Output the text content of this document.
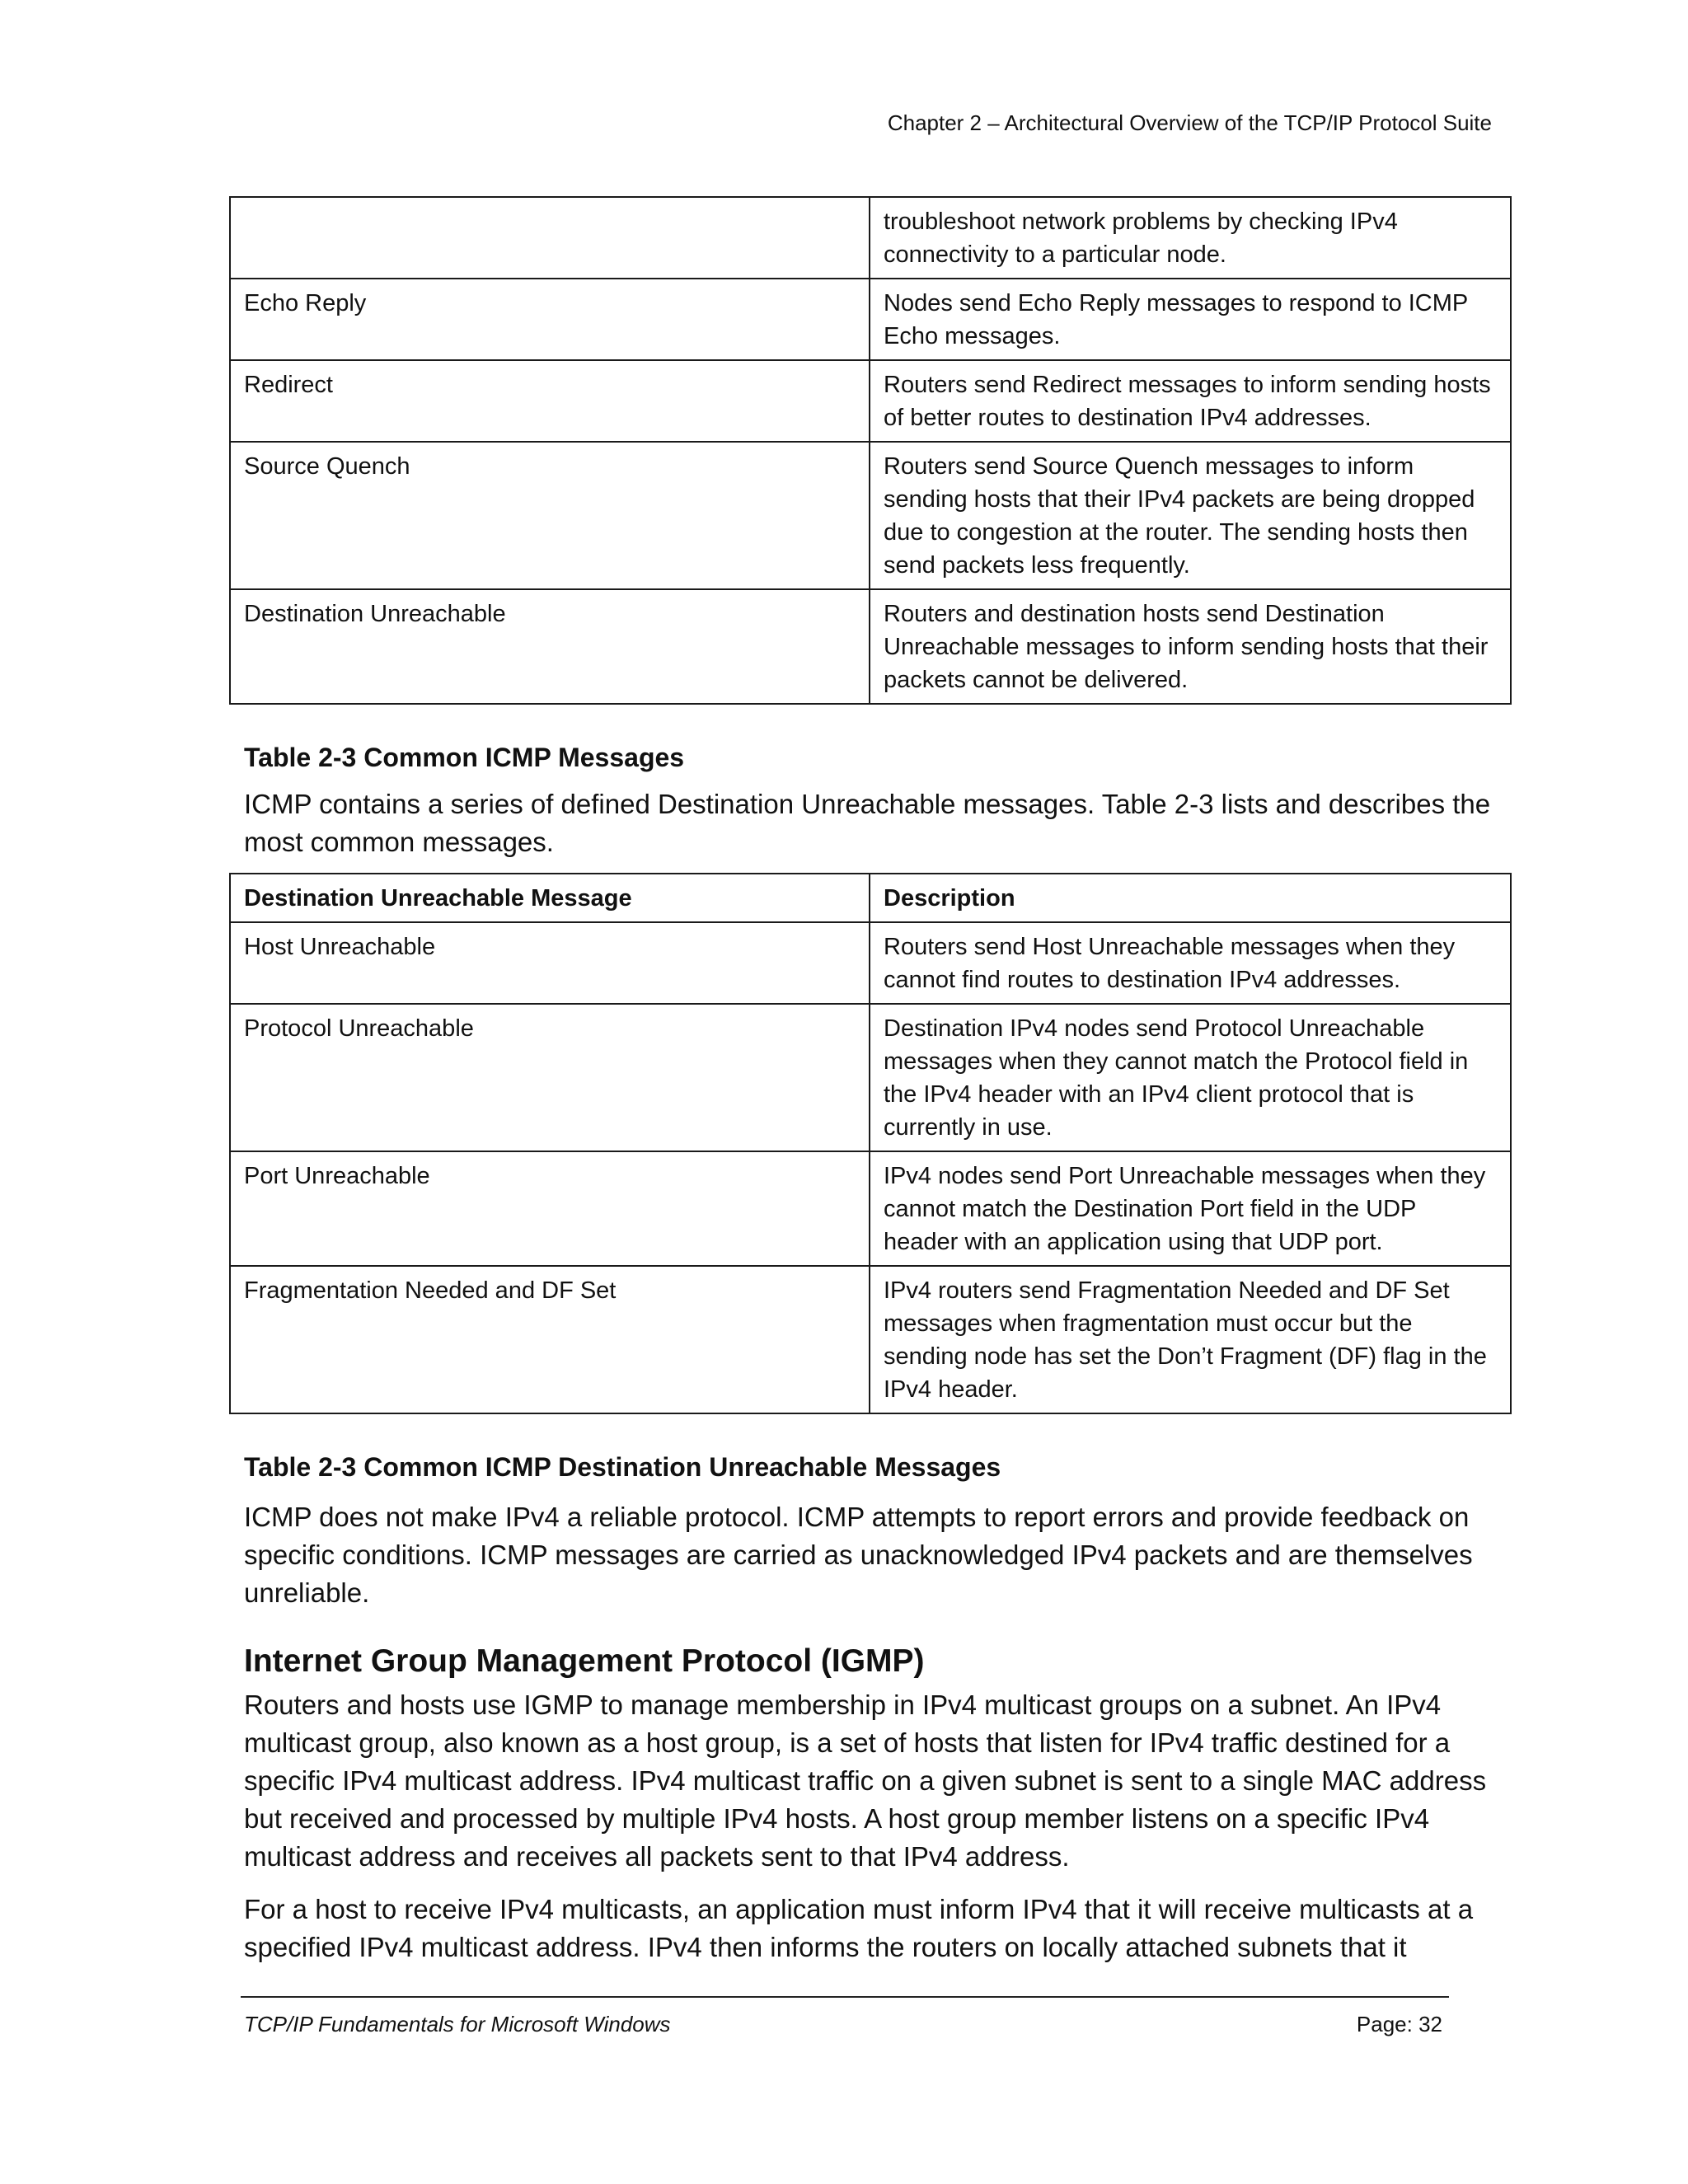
Chapter 2 – Architectural Overview of the TCP/IP Protocol Suite
	troubleshoot network problems by checking IPv4 connectivity to a particular node.
Echo Reply	Nodes send Echo Reply messages to respond to ICMP Echo messages.
Redirect	Routers send Redirect messages to inform sending hosts of better routes to destination IPv4 addresses.
Source Quench	Routers send Source Quench messages to inform sending hosts that their IPv4 packets are being dropped due to congestion at the router. The sending hosts then send packets less frequently.
Destination Unreachable	Routers and destination hosts send Destination Unreachable messages to inform sending hosts that their packets cannot be delivered.
Table 2-3 Common ICMP Messages
ICMP contains a series of defined Destination Unreachable messages. Table 2-3 lists and describes the most common messages.
Destination Unreachable Message	Description
Host Unreachable	Routers send Host Unreachable messages when they cannot find routes to destination IPv4 addresses.
Protocol Unreachable	Destination IPv4 nodes send Protocol Unreachable messages when they cannot match the Protocol field in the IPv4 header with an IPv4 client protocol that is currently in use.
Port Unreachable	IPv4 nodes send Port Unreachable messages when they cannot match the Destination Port field in the UDP header with an application using that UDP port.
Fragmentation Needed and DF Set	IPv4 routers send Fragmentation Needed and DF Set messages when fragmentation must occur but the sending node has set the Don’t Fragment (DF) flag in the IPv4 header.
Table 2-3 Common ICMP Destination Unreachable Messages
ICMP does not make IPv4 a reliable protocol. ICMP attempts to report errors and provide feedback on specific conditions. ICMP messages are carried as unacknowledged IPv4 packets and are themselves unreliable.
Internet Group Management Protocol (IGMP)
Routers and hosts use IGMP to manage membership in IPv4 multicast groups on a subnet. An IPv4 multicast group, also known as a host group, is a set of hosts that listen for IPv4 traffic destined for a specific IPv4 multicast address. IPv4 multicast traffic on a given subnet is sent to a single MAC address but received and processed by multiple IPv4 hosts. A host group member listens on a specific IPv4 multicast address and receives all packets sent to that IPv4 address.
For a host to receive IPv4 multicasts, an application must inform IPv4 that it will receive multicasts at a specified IPv4 multicast address. IPv4 then informs the routers on locally attached subnets that it
TCP/IP Fundamentals for Microsoft Windows	Page: 32
